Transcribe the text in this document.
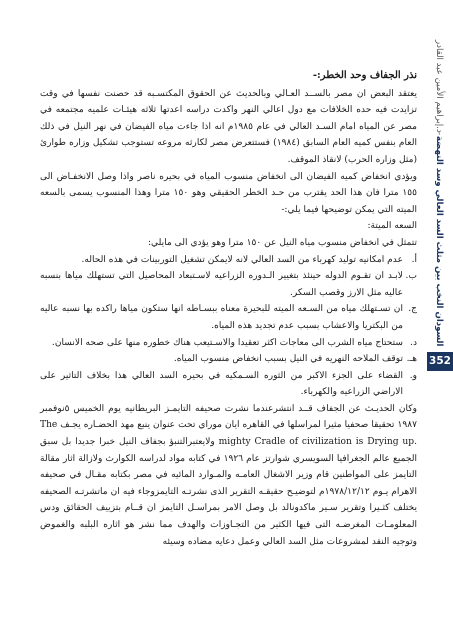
السودان النخب بين مثلث السد العالي وسد النهضة-د.إبراهيم الأمين عبد القادر
352

نذر الجفاف وحد الخطر:-

يعتقد البعض ان مصر بالســد العـالي وبالحديث عن الحقوق المكتسـبه قد حصنت نفسها في وقت تزايدت فيه حده الخلافات مع دول اعالي النهر واكدت دراسه اعدتها ثلاثه هيئـات علميه مجتمعه في مصر عن المياه امام السـد العالي في عام ١٩٨٥م انه اذا جاءت مياه الفيضان في نهر النيل في ذلك العام بنفس كميه العام السابق (١٩٨٤) فستتعرض مصر لكارثه مروعه تستوجب تشكيل وزاره طوارئ (مثل وزاره الحرب) لانقاذ الموقف.

ويؤدي انخفاض كميه الفيضان الى انخفاض منسوب المياه في بحيره ناصر واذا وصل الانخفـاض الى ١٥٥ مترا فان هذا الحد يقترب من حـد الخطر الحقيقي وهو ١٥٠ مترا وهذا المنسوب يسمى بالسعه الميته التي يمكن توضيحها فيما يلي:-

السعه الميتة:

تتمثل في انخفاض منسوب مياه النيل عن ١٥٠ مترا وهو يؤدي الى مايلي:

أ.
عدم امكانيه توليد كهرباء من السد العالي لانه لايمكن تشغيل التوربينات في هذه الحاله.

ب.
لابـد ان تقـوم الدوله حينئذ بتغيير الـدوره الزراعيه لاسـتبعاد المحاصيل التي تستهلك مياها بنسبه عاليه مثل الارز وقصب السكر.

ج.
ان تسـتهلك مياه من السـعه الميته للبحيرة معناه ببسـاطه انها ستكون مياها راكده بها نسبه عاليه من البكتريا والاعشاب بسبب عدم تجديد هذه المياه.

د.
ستحتاج مياه الشرب الى معاجات اكثر تعقيدا والاسـتيعب هناك خطوره منها على صحه الانسان.

هـ.
توقف الملاحه النهريه في النيل بسبب انخفاض منسوب المياه.

و.
القضاء على الجزء الاكبر من الثوره السـمكيه في بحيره السد العالي هذا بخلاف التاثير على الاراضي الزراعيه والكهرباء.

وكان الحديـث عن الجفاف قــد انتشرعندما نشرت صحيفه التايمـز البريطانيه يوم الخميس ٥نوفمبر ١٩٨٧ تحقيقا صحفيا مثيرا لمراسلها في القاهره ايان موراي تحت عنوان ينبع مهد الحضـاره يجـف The mighty Cradle of civilization is Drying up. ولايعتبرالتنبؤ بجفاف النيل خبرا جديدا بل سبق الجميع عالم الجغرافيا السويسري شوارتز عام ١٩٢٦ في كتابه مواد لدراسه الكوارث ولازالة اثار مقالة التايمز على المواطنين قام وزير الاشغال العامـه والمـوارد المائيه في مصر بكتابه مقـال في صحيفه الاهرام يـوم ١٩٧٨/١٢/١٢م لتوضيـح حقيقـه التقرير الذى نشرتـه التايمزوجاء فيه ان ماتشرتـه الصحيفه يختلف كثـيرا وتقرير سـير ماكدونالد بل وصل الامر بمراسـل التايمز ان قــام بتزييف الحقائق ودس المعلومـات المغرضـه التى فيها الكثير من التجـاوزات والهدف مما نشر هو اثاره البلبه والغموض وتوجيه النقد لمشروعات مثل السد العالي وعمل دعايه مضاده وسيئه
